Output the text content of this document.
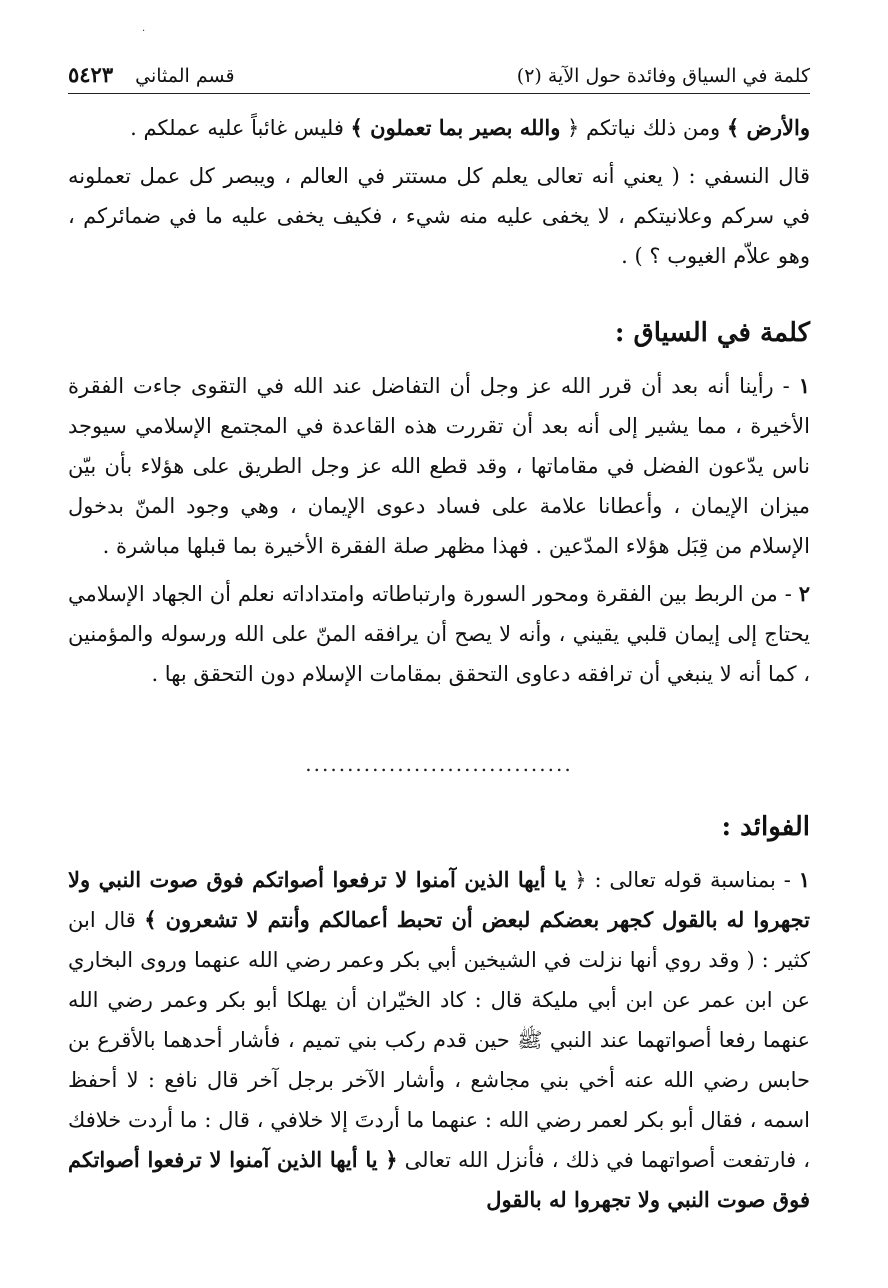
·
كلمة في السياق وفائدة حول الآية (٢)
قسم المثاني
٥٤٢٣

والأرض ﴾ ومن ذلك نياتكم ﴿ والله بصير بما تعملون ﴾ فليس غائباً عليه عملكم .

قال النسفي : ( يعني أنه تعالى يعلم كل مستتر في العالم ، ويبصر كل عمل تعملونه في سركم وعلانيتكم ، لا يخفى عليه منه شيء ، فكيف يخفى عليه ما في ضمائركم ، وهو علاّم الغيوب ؟ ) .

كلمة في السياق :

١ - رأينا أنه بعد أن قرر الله عز وجل أن التفاضل عند الله في التقوى جاءت الفقرة الأخيرة ، مما يشير إلى أنه بعد أن تقررت هذه القاعدة في المجتمع الإسلامي سيوجد ناس يدّعون الفضل في مقاماتها ، وقد قطع الله عز وجل الطريق على هؤلاء بأن بيّن ميزان الإيمان ، وأعطانا علامة على فساد دعوى الإيمان ، وهي وجود المنّ بدخول الإسلام من قِبَل هؤلاء المدّعين . فهذا مظهر صلة الفقرة الأخيرة بما قبلها مباشرة .

٢ - من الربط بين الفقرة ومحور السورة وارتباطاته وامتداداته نعلم أن الجهاد الإسلامي يحتاج إلى إيمان قلبي يقيني ، وأنه لا يصح أن يرافقه المنّ على الله ورسوله والمؤمنين ، كما أنه لا ينبغي أن ترافقه دعاوى التحقق بمقامات الإسلام دون التحقق بها .

................................
الفوائد :

١ - بمناسبة قوله تعالى : ﴿ يا أيها الذين آمنوا لا ترفعوا أصواتكم فوق صوت النبي ولا تجهروا له بالقول كجهر بعضكم لبعض أن تحبط أعمالكم وأنتم لا تشعرون ﴾ قال ابن كثير : ( وقد روي أنها نزلت في الشيخين أبي بكر وعمر رضي الله عنهما وروى البخاري عن ابن عمر عن ابن أبي مليكة قال : كاد الخيّران أن يهلكا أبو بكر وعمر رضي الله عنهما رفعا أصواتهما عند النبي ﷺ حين قدم ركب بني تميم ، فأشار أحدهما بالأقرع بن حابس رضي الله عنه أخي بني مجاشع ، وأشار الآخر برجل آخر قال نافع : لا أحفظ اسمه ، فقال أبو بكر لعمر رضي الله : عنهما ما أردتَ إلا خلافي ، قال : ما أردت خلافك ، فارتفعت أصواتهما في ذلك ، فأنزل الله تعالى ﴿ يا أيها الذين آمنوا لا ترفعوا أصواتكم فوق صوت النبي ولا تجهروا له بالقول
